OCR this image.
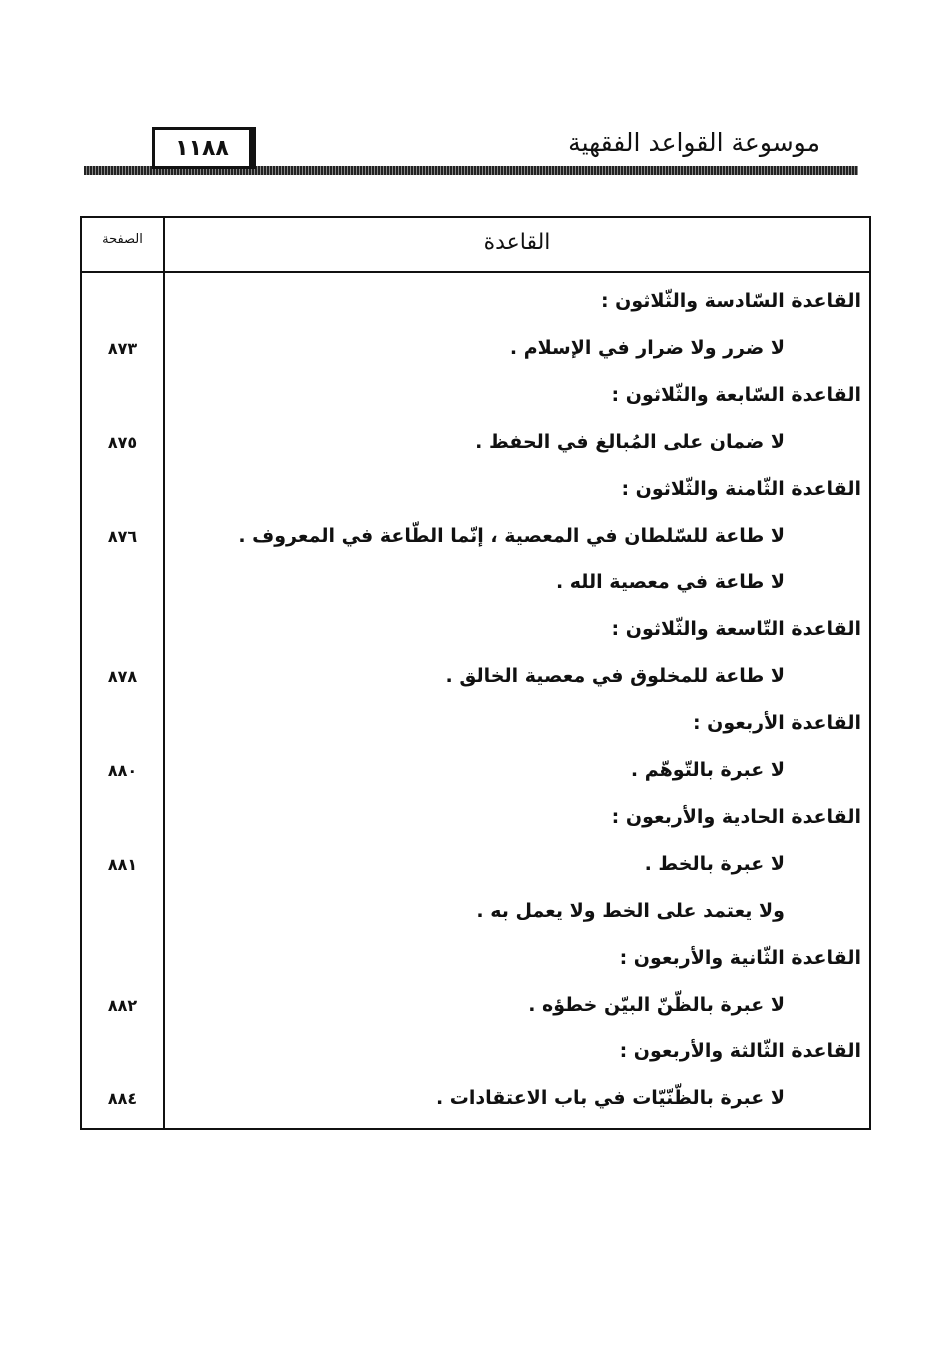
موسوعة القواعد الفقهية
١١٨٨
الصفحة	القاعدة
القاعدة السّادسة والثّلاثون :
لا ضرر ولا ضرار في الإسلام .
٨٧٣
القاعدة السّابعة والثّلاثون :
لا ضمان على المُبالغ في الحفظ .
٨٧٥
القاعدة الثّامنة والثّلاثون :
لا طاعة للسّلطان في المعصية ، إنّما الطّاعة في المعروف .
٨٧٦
لا طاعة في معصية الله .
القاعدة التّاسعة والثّلاثون :
لا طاعة للمخلوق في معصية الخالق .
٨٧٨
القاعدة الأربعون :
لا عبرة بالتّوهّم .
٨٨٠
القاعدة الحادية والأربعون :
لا عبرة بالخط .
٨٨١
ولا يعتمد على الخط ولا يعمل به .
القاعدة الثّانية والأربعون :
لا عبرة بالظّنّ البيّن خطؤه .
٨٨٢
القاعدة الثّالثة والأربعون :
لا عبرة بالظّنّيّات في باب الاعتقادات .
٨٨٤
